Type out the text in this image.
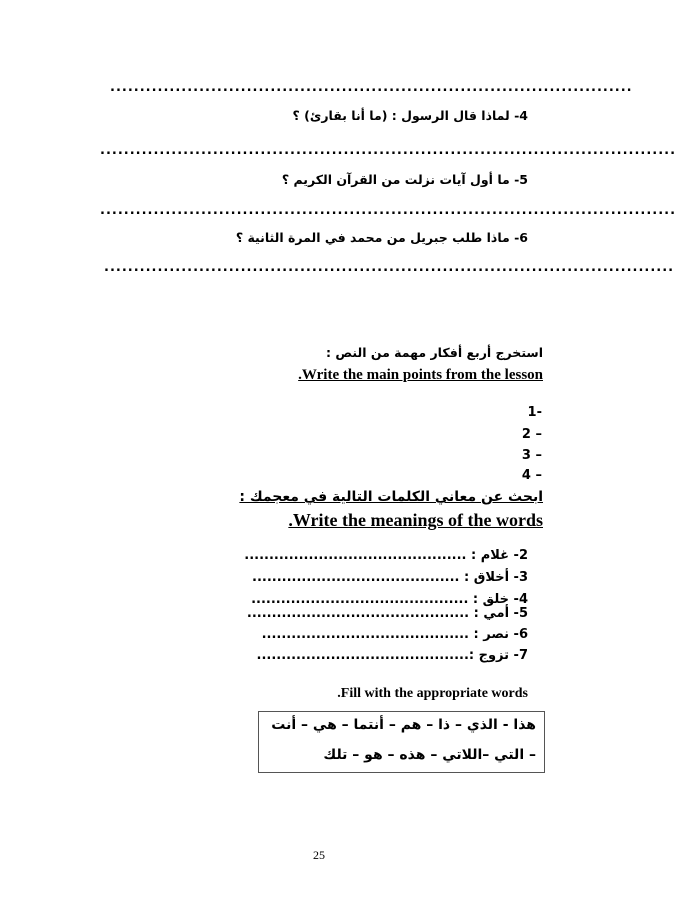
........................................................................................
4- لماذا قال الرسول : (ما أنا بقارئ) ؟
.................................................................................................
5- ما أول آيات نزلت من القرآن الكريم ؟
.................................................................................................
6- ماذا طلب جبريل من محمد في المرة الثانية ؟
................................................................................................
استخرج أربع أفكار مهمة من النص :
.Write the main points from the lesson
1-
2 –
3 –
4 –
ابحث عن معاني الكلمات التالية في معجمك :
.Write the meanings of the words
2- غلام : .............................................
3- أخلاق : ..........................................
4- خلق : ............................................
5- أمي : .............................................
6- نصر : ..........................................
7- تزوج :...........................................
.Fill with the appropriate words
هذا - الذي – ذا – هم – أنتما – هي – أنت
– التي –اللاتي – هذه – هو – تلك
25
